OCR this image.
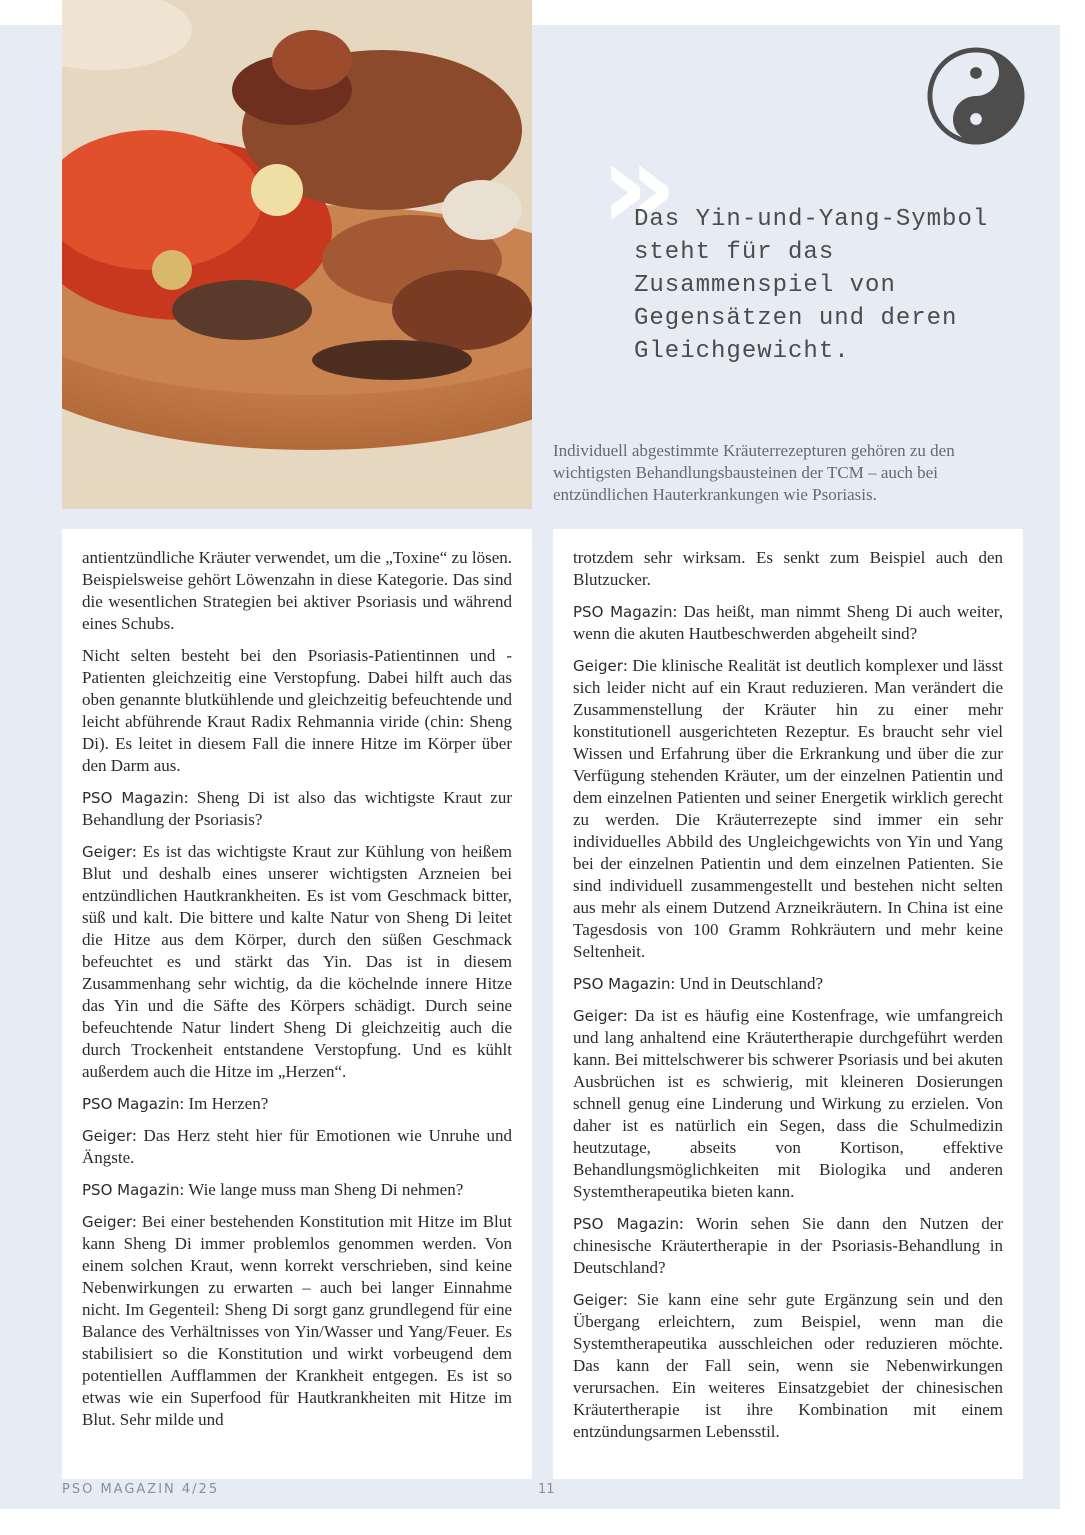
»

Das Yin-und-Yang-Symbol steht für das Zusammenspiel von Gegensätzen und deren Gleichgewicht.

Individuell abgestimmte Kräuterrezepturen gehören zu den wichtigsten Behandlungsbausteinen der TCM – auch bei entzündlichen Hauterkrankungen wie Psoriasis.

antientzündliche Kräuter verwendet, um die „Toxine“ zu lösen. Beispielsweise gehört Löwenzahn in diese Kategorie. Das sind die wesentlichen Strategien bei aktiver Psoriasis und während eines Schubs.

Nicht selten besteht bei den Psoriasis-Patientinnen und -Patienten gleichzeitig eine Verstopfung. Dabei hilft auch das oben genannte blutkühlende und gleichzeitig befeuchtende und leicht abführende Kraut Radix Rehmannia viride (chin: Sheng Di). Es leitet in diesem Fall die innere Hitze im Körper über den Darm aus.

PSO Magazin: Sheng Di ist also das wichtigste Kraut zur Behandlung der Psoriasis?

Geiger: Es ist das wichtigste Kraut zur Kühlung von heißem Blut und deshalb eines unserer wichtigsten Arzneien bei entzündlichen Hautkrankheiten. Es ist vom Geschmack bitter, süß und kalt. Die bittere und kalte Natur von Sheng Di leitet die Hitze aus dem Körper, durch den süßen Geschmack befeuchtet es und stärkt das Yin. Das ist in diesem Zusammenhang sehr wichtig, da die köchelnde innere Hitze das Yin und die Säfte des Körpers schädigt. Durch seine befeuchtende Natur lindert Sheng Di gleichzeitig auch die durch Trockenheit entstandene Verstopfung. Und es kühlt außerdem auch die Hitze im „Herzen“.

PSO Magazin: Im Herzen?

Geiger: Das Herz steht hier für Emotionen wie Unruhe und Ängste.

PSO Magazin: Wie lange muss man Sheng Di nehmen?

Geiger: Bei einer bestehenden Konstitution mit Hitze im Blut kann Sheng Di immer problemlos genommen werden. Von einem solchen Kraut, wenn korrekt verschrieben, sind keine Nebenwirkungen zu erwarten – auch bei langer Einnahme nicht. Im Gegenteil: Sheng Di sorgt ganz grundlegend für eine Balance des Verhältnisses von Yin/Wasser und Yang/Feuer. Es stabilisiert so die Konstitution und wirkt vorbeugend dem potentiellen Aufflammen der Krankheit entgegen. Es ist so etwas wie ein Superfood für Hautkrankheiten mit Hitze im Blut. Sehr milde und

trotzdem sehr wirksam. Es senkt zum Beispiel auch den Blutzucker.

PSO Magazin: Das heißt, man nimmt Sheng Di auch weiter, wenn die akuten Hautbeschwerden abgeheilt sind?

Geiger: Die klinische Realität ist deutlich komplexer und lässt sich leider nicht auf ein Kraut reduzieren. Man verändert die Zusammenstellung der Kräuter hin zu einer mehr konstitutionell ausgerichteten Rezeptur. Es braucht sehr viel Wissen und Erfahrung über die Erkrankung und über die zur Verfügung stehenden Kräuter, um der einzelnen Patientin und dem einzelnen Patienten und seiner Energetik wirklich gerecht zu werden. Die Kräuterrezepte sind immer ein sehr individuelles Abbild des Ungleichgewichts von Yin und Yang bei der einzelnen Patientin und dem einzelnen Patienten. Sie sind individuell zusammengestellt und bestehen nicht selten aus mehr als einem Dutzend Arzneikräutern. In China ist eine Tagesdosis von 100 Gramm Rohkräutern und mehr keine Seltenheit.

PSO Magazin: Und in Deutschland?

Geiger: Da ist es häufig eine Kostenfrage, wie umfangreich und lang anhaltend eine Kräutertherapie durchgeführt werden kann. Bei mittelschwerer bis schwerer Psoriasis und bei akuten Ausbrüchen ist es schwierig, mit kleineren Dosierungen schnell genug eine Linderung und Wirkung zu erzielen. Von daher ist es natürlich ein Segen, dass die Schulmedizin heutzutage, abseits von Kortison, effektive Behandlungsmöglichkeiten mit Biologika und anderen Systemtherapeutika bieten kann.

PSO Magazin: Worin sehen Sie dann den Nutzen der chinesische Kräutertherapie in der Psoriasis-Behandlung in Deutschland?

Geiger: Sie kann eine sehr gute Ergänzung sein und den Übergang erleichtern, zum Beispiel, wenn man die Systemtherapeutika ausschleichen oder reduzieren möchte. Das kann der Fall sein, wenn sie Nebenwirkungen verursachen. Ein weiteres Einsatzgebiet der chinesischen Kräutertherapie ist ihre Kombination mit einem entzündungsarmen Lebensstil.

PSO MAGAZIN 4/25	11
